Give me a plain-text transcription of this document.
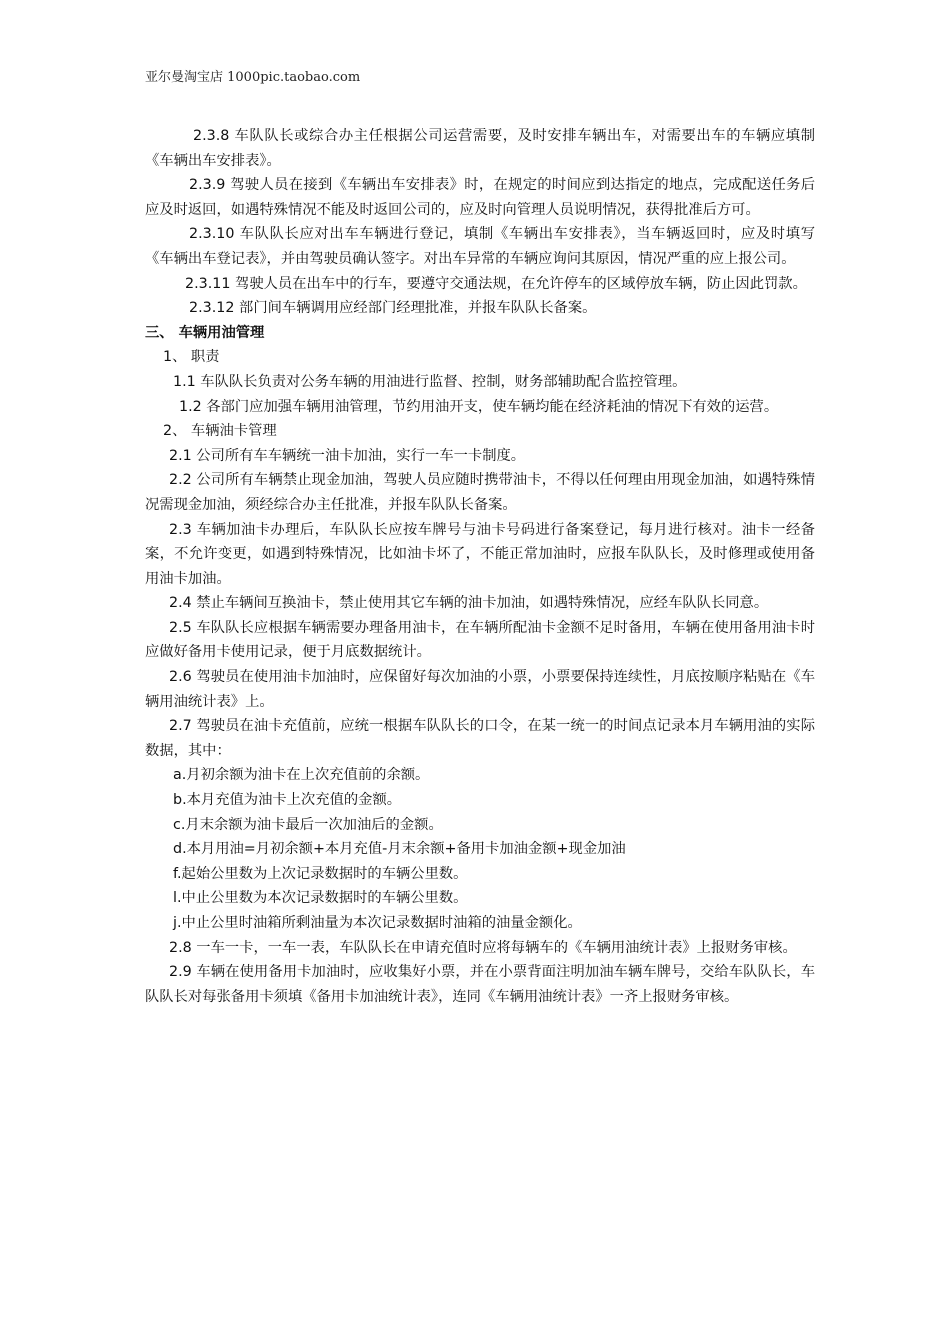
亚尔曼淘宝店 1000pic.taobao.com

2.3.8 车队队长或综合办主任根据公司运营需要，及时安排车辆出车，对需要出车的车辆应填制《车辆出车安排表》。

2.3.9 驾驶人员在接到《车辆出车安排表》时，在规定的时间应到达指定的地点，完成配送任务后应及时返回，如遇特殊情况不能及时返回公司的，应及时向管理人员说明情况，获得批准后方可。

2.3.10 车队队长应对出车车辆进行登记，填制《车辆出车安排表》，当车辆返回时，应及时填写《车辆出车登记表》，并由驾驶员确认签字。对出车异常的车辆应询问其原因，情况严重的应上报公司。

2.3.11 驾驶人员在出车中的行车，要遵守交通法规，在允许停车的区域停放车辆，防止因此罚款。

2.3.12 部门间车辆调用应经部门经理批准，并报车队队长备案。

三、 车辆用油管理

1、 职责

1.1 车队队长负责对公务车辆的用油进行监督、控制，财务部辅助配合监控管理。

1.2 各部门应加强车辆用油管理，节约用油开支，使车辆均能在经济耗油的情况下有效的运营。

2、 车辆油卡管理

2.1 公司所有车车辆统一油卡加油，实行一车一卡制度。

2.2 公司所有车辆禁止现金加油，驾驶人员应随时携带油卡，不得以任何理由用现金加油，如遇特殊情况需现金加油，须经综合办主任批准，并报车队队长备案。

2.3 车辆加油卡办理后，车队队长应按车牌号与油卡号码进行备案登记，每月进行核对。油卡一经备案，不允许变更，如遇到特殊情况，比如油卡坏了，不能正常加油时，应报车队队长，及时修理或使用备用油卡加油。

2.4 禁止车辆间互换油卡，禁止使用其它车辆的油卡加油，如遇特殊情况，应经车队队长同意。

2.5 车队队长应根据车辆需要办理备用油卡，在车辆所配油卡金额不足时备用，车辆在使用备用油卡时应做好备用卡使用记录，便于月底数据统计。

2.6 驾驶员在使用油卡加油时，应保留好每次加油的小票，小票要保持连续性，月底按顺序粘贴在《车辆用油统计表》上。

2.7 驾驶员在油卡充值前，应统一根据车队队长的口令，在某一统一的时间点记录本月车辆用油的实际数据，其中：

a.月初余额为油卡在上次充值前的余额。

b.本月充值为油卡上次充值的金额。

c.月末余额为油卡最后一次加油后的金额。

d.本月用油=月初余额+本月充值-月末余额+备用卡加油金额+现金加油

f.起始公里数为上次记录数据时的车辆公里数。

l.中止公里数为本次记录数据时的车辆公里数。

j.中止公里时油箱所剩油量为本次记录数据时油箱的油量金额化。

2.8 一车一卡，一车一表，车队队长在申请充值时应将每辆车的《车辆用油统计表》上报财务审核。

2.9 车辆在使用备用卡加油时，应收集好小票，并在小票背面注明加油车辆车牌号，交给车队队长，车队队长对每张备用卡须填《备用卡加油统计表》，连同《车辆用油统计表》一齐上报财务审核。
